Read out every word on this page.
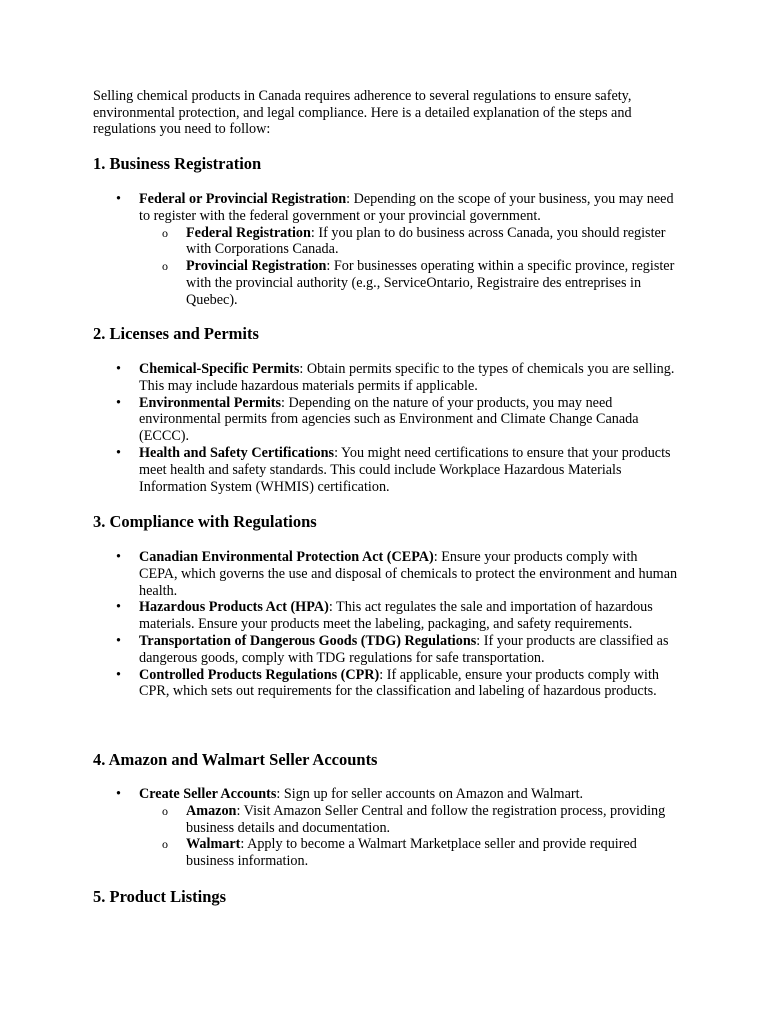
Selling chemical products in Canada requires adherence to several regulations to ensure safety, environmental protection, and legal compliance. Here is a detailed explanation of the steps and regulations you need to follow:

1. Business Registration
• Federal or Provincial Registration: Depending on the scope of your business, you may need to register with the federal government or your provincial government.
o Federal Registration: If you plan to do business across Canada, you should register with Corporations Canada.
o Provincial Registration: For businesses operating within a specific province, register with the provincial authority (e.g., ServiceOntario, Registraire des entreprises in Quebec).
2. Licenses and Permits
• Chemical-Specific Permits: Obtain permits specific to the types of chemicals you are selling. This may include hazardous materials permits if applicable.
• Environmental Permits: Depending on the nature of your products, you may need environmental permits from agencies such as Environment and Climate Change Canada (ECCC).
• Health and Safety Certifications: You might need certifications to ensure that your products meet health and safety standards. This could include Workplace Hazardous Materials Information System (WHMIS) certification.
3. Compliance with Regulations
• Canadian Environmental Protection Act (CEPA): Ensure your products comply with CEPA, which governs the use and disposal of chemicals to protect the environment and human health.
• Hazardous Products Act (HPA): This act regulates the sale and importation of hazardous materials. Ensure your products meet the labeling, packaging, and safety requirements.
• Transportation of Dangerous Goods (TDG) Regulations: If your products are classified as dangerous goods, comply with TDG regulations for safe transportation.
• Controlled Products Regulations (CPR): If applicable, ensure your products comply with CPR, which sets out requirements for the classification and labeling of hazardous products.
4. Amazon and Walmart Seller Accounts
• Create Seller Accounts: Sign up for seller accounts on Amazon and Walmart.
o Amazon: Visit Amazon Seller Central and follow the registration process, providing business details and documentation.
o Walmart: Apply to become a Walmart Marketplace seller and provide required business information.
5. Product Listings
